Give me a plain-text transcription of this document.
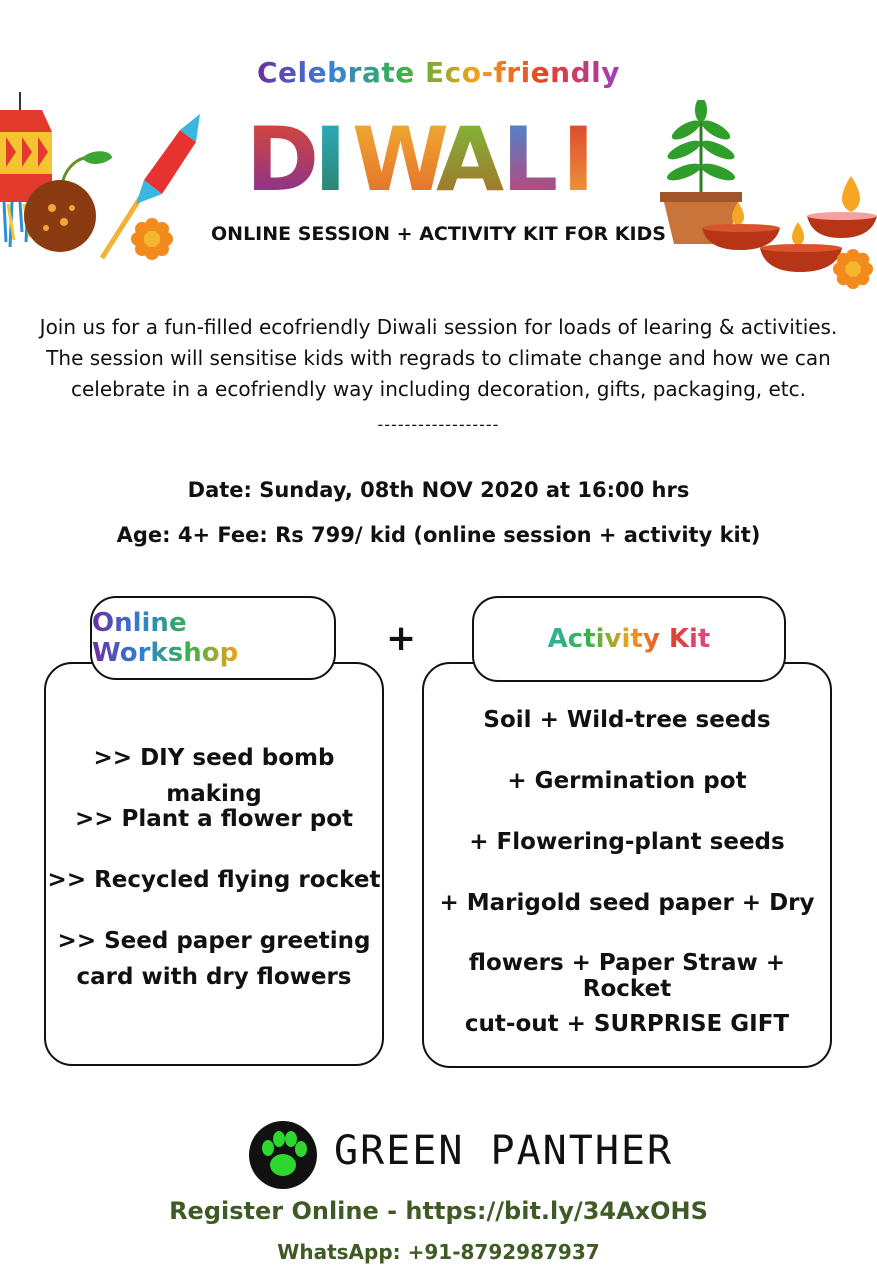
Celebrate Eco-friendly
D
I W
A
L I
ONLINE SESSION + ACTIVITY KIT FOR KIDS
Join us for a fun-filled ecofriendly Diwali session for loads of learing & activities.
The session will sensitise kids with regrads to climate change and how we can
celebrate in a ecofriendly way including decoration, gifts, packaging, etc.
------------------
Date: Sunday, 08th NOV 2020 at 16:00 hrs
Age: 4+ Fee: Rs 799/ kid (online session + activity kit)
Online Workshop	+
>> DIY seed bomb making
>> Plant a flower pot
>> Recycled flying rocket
>> Seed paper greeting
card with dry flowers
Activity Kit
Soil + Wild-tree seeds
+ Germination pot
+ Flowering-plant seeds
+ Marigold seed paper + Dry
flowers + Paper Straw + Rocket
cut-out + SURPRISE GIFT
GREEN PANTHER
Register Online - https://bit.ly/34AxOHS
WhatsApp: +91-8792987937
